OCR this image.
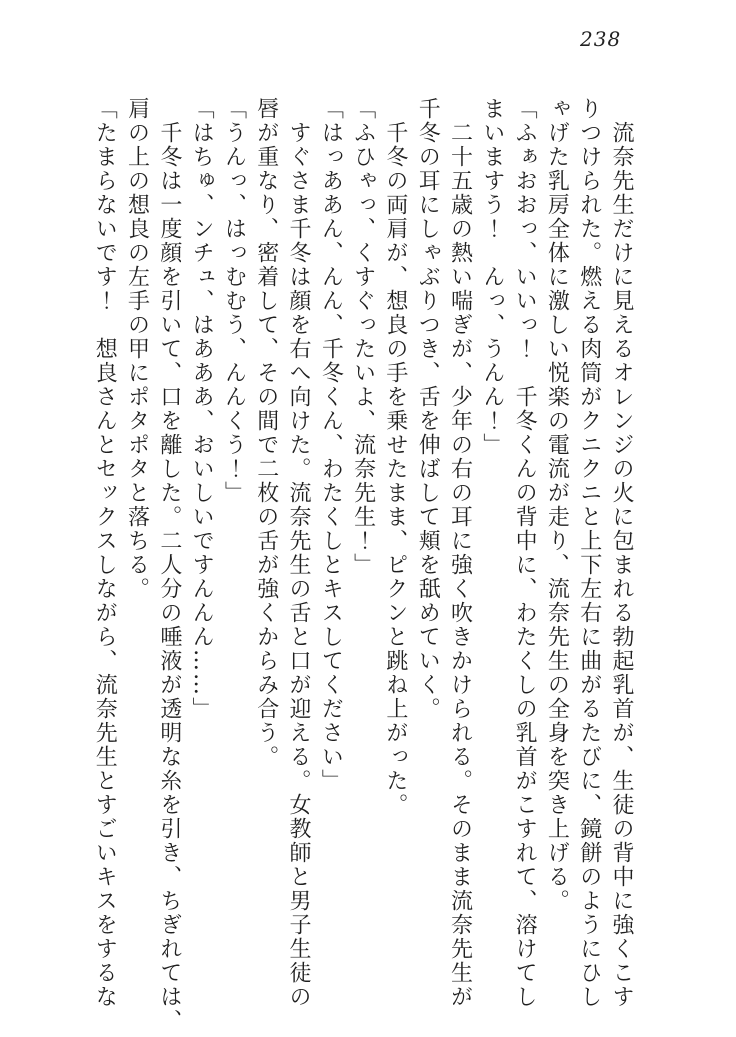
238

流奈先生だけに見えるオレンジの火に包まれる勃起乳首が、生徒の背中に強くこす

りつけられた。燃える肉筒がクニクニと上下左右に曲がるたびに、鏡餅のようにひし

ゃげた乳房全体に激しい悦楽の電流が走り、流奈先生の全身を突き上げる。

「ふぁおおっ、いいっ！　千冬くんの背中に、わたくしの乳首がこすれて、溶けてし

まいますう！　んっ、うんん！」

二十五歳の熱い喘ぎが、少年の右の耳に強く吹きかけられる。そのまま流奈先生が

千冬の耳にしゃぶりつき、舌を伸ばして頬を舐めていく。

千冬の両肩が、想良の手を乗せたまま、ピクンと跳ね上がった。

「ふひゃっ、くすぐったいよ、流奈先生！」

「はっああん、んん、千冬くん、わたくしとキスしてください」

すぐさま千冬は顔を右へ向けた。流奈先生の舌と口が迎える。女教師と男子生徒の

唇が重なり、密着して、その間で二枚の舌が強くからみ合う。

「うんっ、はっむむう、んんくう！」

「はちゅ、ンチュ、はあああ、おいしいですんんん……」

千冬は一度顔を引いて、口を離した。二人分の唾液が透明な糸を引き、ちぎれては、

肩の上の想良の左手の甲にポタポタと落ちる。

「たまらないです！　想良さんとセックスしながら、流奈先生とすごいキスをするな
